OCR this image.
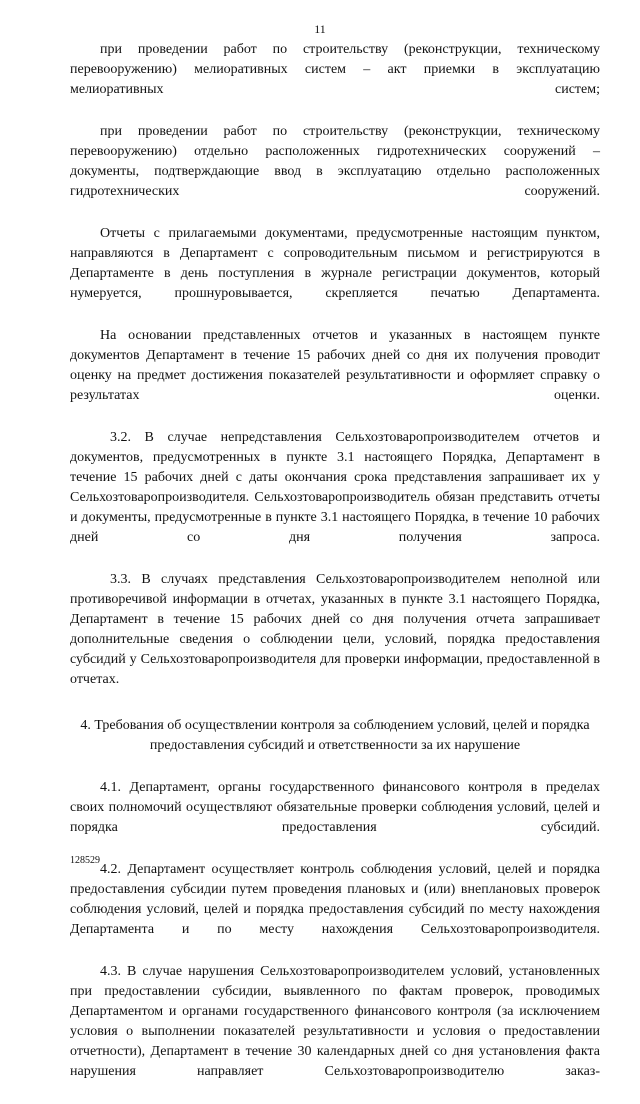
11

при проведении работ по строительству (реконструкции, техническому перевооружению) мелиоративных систем – акт приемки в эксплуатацию мелиоративных систем;

при проведении работ по строительству (реконструкции, техническому перевооружению) отдельно расположенных гидротехнических сооружений – документы, подтверждающие ввод в эксплуатацию отдельно расположенных гидротехнических сооружений.

Отчеты с прилагаемыми документами, предусмотренные настоящим пунктом, направляются в Департамент с сопроводительным письмом и регистрируются в Департаменте в день поступления в журнале регистрации документов, который нумеруется, прошнуровывается, скрепляется печатью Департамента.

На основании представленных отчетов и указанных в настоящем пункте документов Департамент в течение 15 рабочих дней со дня их получения проводит оценку на предмет достижения показателей результативности и оформляет справку о результатах оценки.

3.2. В случае непредставления Сельхозтоваропроизводителем отчетов и документов, предусмотренных в пункте 3.1 настоящего Порядка, Департамент в течение 15 рабочих дней с даты окончания срока представления запрашивает их у Сельхозтоваропроизводителя. Сельхозтоваропроизводитель обязан представить отчеты и документы, предусмотренные в пункте 3.1 настоящего Порядка, в течение 10 рабочих дней со дня получения запроса.

3.3. В случаях представления Сельхозтоваропроизводителем неполной или противоречивой информации в отчетах, указанных в пункте 3.1 настоящего Порядка, Департамент в течение 15 рабочих дней со дня получения отчета запрашивает дополнительные сведения о соблюдении цели, условий, порядка предоставления субсидий у Сельхозтоваропроизводителя для проверки информации, предоставленной в отчетах.

4. Требования об осуществлении контроля за соблюдением условий, целей и порядка предоставления субсидий и ответственности за их нарушение

4.1. Департамент, органы государственного финансового контроля в пределах своих полномочий осуществляют обязательные проверки соблюдения условий, целей и порядка предоставления субсидий.

4.2. Департамент осуществляет контроль соблюдения условий, целей и порядка предоставления субсидии путем проведения плановых и (или) внеплановых проверок соблюдения условий, целей и порядка предоставления субсидий по месту нахождения Департамента и по месту нахождения Сельхозтоваропроизводителя.

4.3. В случае нарушения Сельхозтоваропроизводителем условий, установленных при предоставлении субсидии, выявленного по фактам проверок, проводимых Департаментом и органами государственного финансового контроля (за исключением условия о выполнении показателей результативности и условия о предоставлении отчетности), Департамент в течение 30 календарных дней со дня установления факта нарушения направляет Сельхозтоваропроизводителю заказ-

128529
